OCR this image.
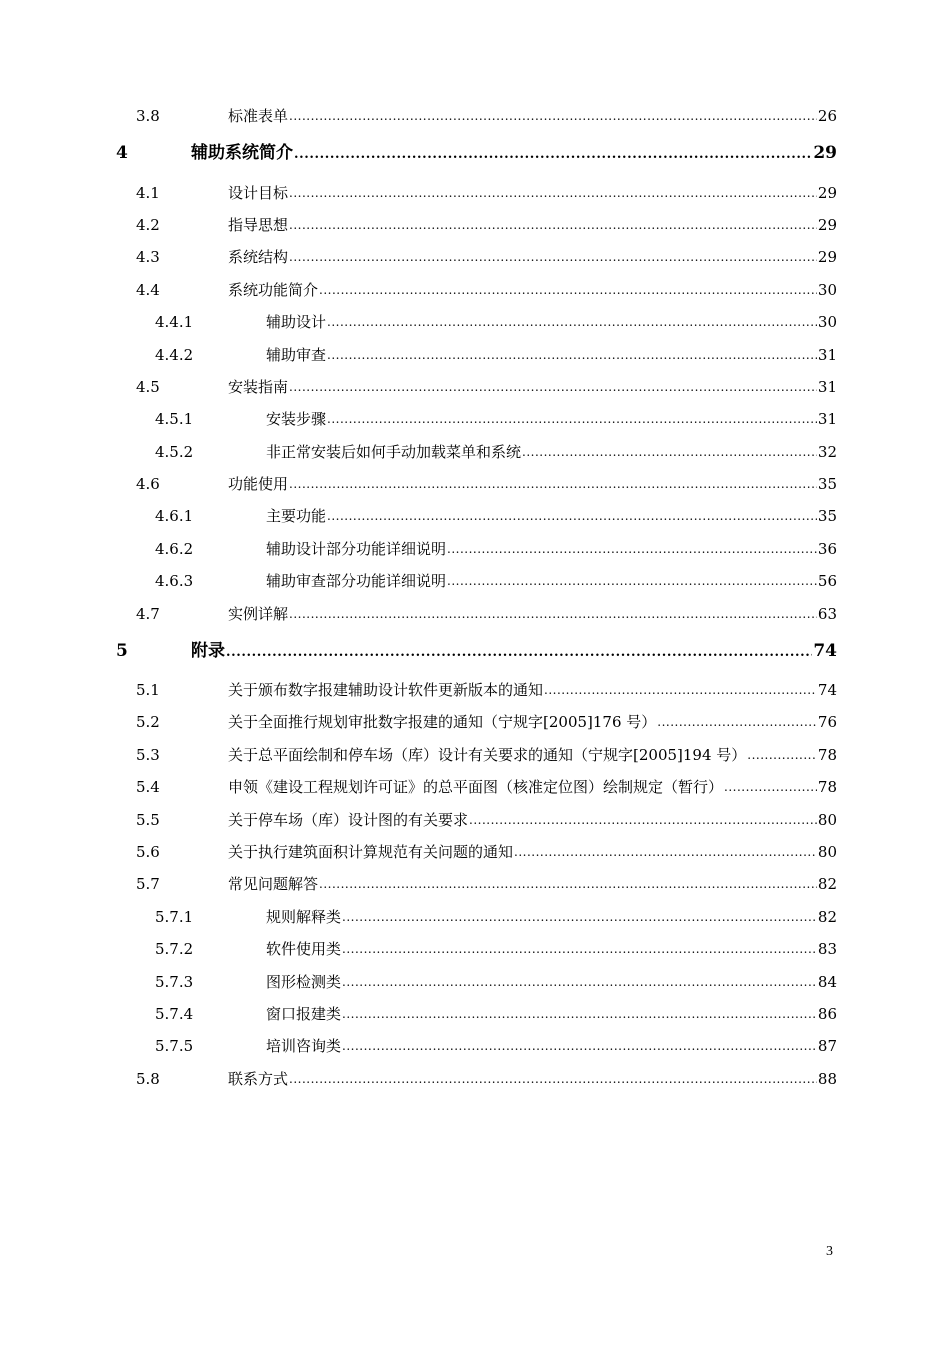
3.8	标准表单 .....	26
4	辅助系统简介 .....	29
4.1	设计目标 .....	29
4.2	指导思想 .....	29
4.3	系统结构 .....	29
4.4	系统功能简介 .....	30
4.4.1	辅助设计 .....	30
4.4.2	辅助审查 .....	31
4.5	安装指南 .....	31
4.5.1	安装步骤 .....	31
4.5.2	非正常安装后如何手动加载菜单和系统 .....	32
4.6	功能使用 .....	35
4.6.1	主要功能 .....	35
4.6.2	辅助设计部分功能详细说明 .....	36
4.6.3	辅助审查部分功能详细说明 .....	56
4.7	实例详解 .....	63
5	附录 .....	74
5.1	关于颁布数字报建辅助设计软件更新版本的通知 .....	74
5.2	关于全面推行规划审批数字报建的通知（宁规字[2005]176 号） .....	76
5.3	关于总平面绘制和停车场（库）设计有关要求的通知（宁规字[2005]194 号） .....	78
5.4	申领《建设工程规划许可证》的总平面图（核准定位图）绘制规定（暂行） .....	78
5.5	关于停车场（库）设计图的有关要求 .....	80
5.6	关于执行建筑面积计算规范有关问题的通知 .....	80
5.7	常见问题解答 .....	82
5.7.1	规则解释类 .....	82
5.7.2	软件使用类 .....	83
5.7.3	图形检测类 .....	84
5.7.4	窗口报建类 .....	86
5.7.5	培训咨询类 .....	87
5.8	联系方式 .....	88
3
